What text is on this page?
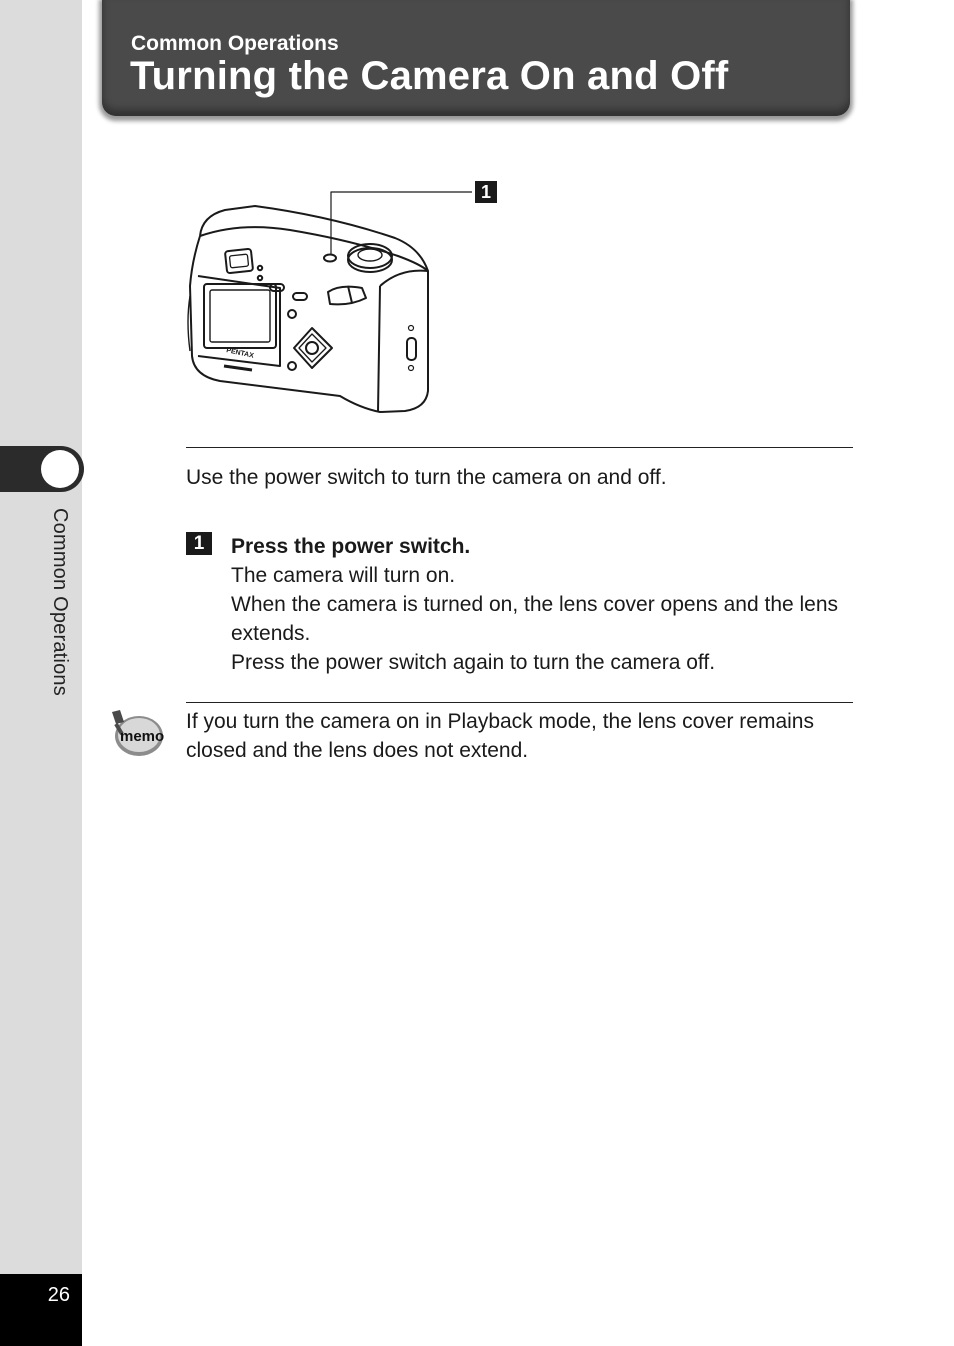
Common Operations
26
Common Operations
Turning the Camera On and Off
PENTAX
1
Use the power switch to turn the camera on and off.
1	Press the power switch.
The camera will turn on.
When the camera is turned on, the lens cover opens and the lens extends.
Press the power switch again to turn the camera off.
memo
If you turn the camera on in Playback mode, the lens cover remains closed and the lens does not extend.
